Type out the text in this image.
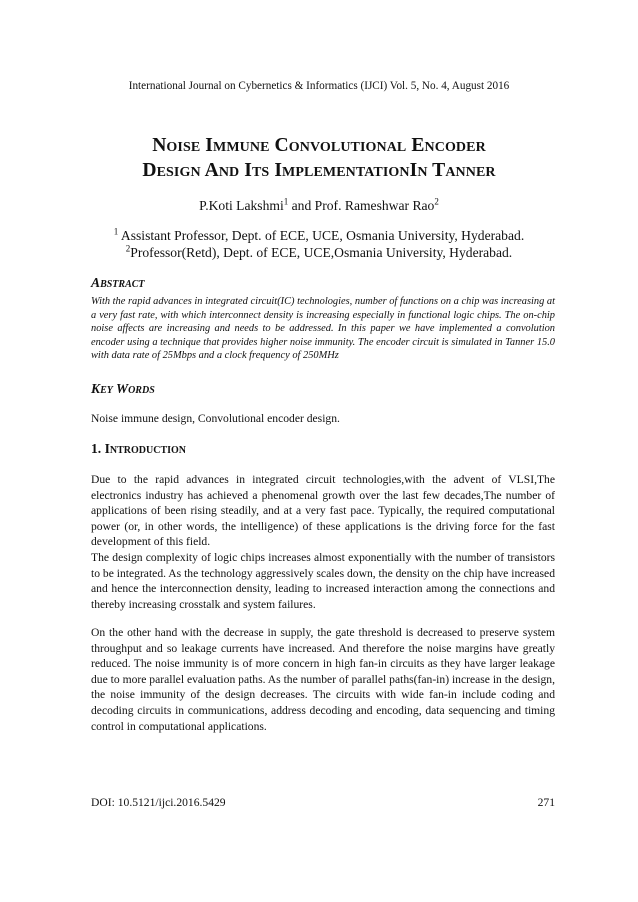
International Journal on Cybernetics & Informatics (IJCI) Vol. 5, No. 4, August 2016
Noise Immune Convolutional Encoder
Design And Its ImplementationIn Tanner
P.Koti Lakshmi$^1$ and Prof. Rameshwar Rao$^2$
$^1$ Assistant Professor, Dept. of ECE, UCE, Osmania University, Hyderabad.
$^2$Professor(Retd), Dept. of ECE, UCE,Osmania University, Hyderabad.
Abstract
With the rapid advances in integrated circuit(IC) technologies, number of functions on a chip was increasing at a very fast rate, with which interconnect density is increasing especially in functional logic chips. The on-chip noise affects are increasing and needs to be addressed. In this paper we have implemented a convolution encoder using a technique that provides higher noise immunity. The encoder circuit is simulated in Tanner 15.0 with data rate of 25Mbps and a clock frequency of 250MHz
Key Words
Noise immune design, Convolutional encoder design.
1. Introduction
Due to the rapid advances in integrated circuit technologies,with the advent of VLSI,The electronics industry has achieved a phenomenal growth over the last few decades,The number of applications of been rising steadily, and at a very fast pace. Typically, the required computational power (or, in other words, the intelligence) of these applications is the driving force for the fast development of this field.
The design complexity of logic chips increases almost exponentially with the number of transistors to be integrated. As the technology aggressively scales down, the density on the chip have increased and hence the interconnection density, leading to increased interaction among the connections and thereby increasing crosstalk and system failures.
On the other hand with the decrease in supply, the gate threshold is decreased to preserve system throughput and so leakage currents have increased. And therefore the noise margins have greatly reduced. The noise immunity is of more concern in high fan-in circuits as they have larger leakage due to more parallel evaluation paths. As the number of parallel paths(fan-in) increase in the design, the noise immunity of the design decreases. The circuits with wide fan-in include coding and decoding circuits in communications, address decoding and encoding, data sequencing and timing control in computational applications.
DOI: 10.5121/ijci.2016.5429	271
